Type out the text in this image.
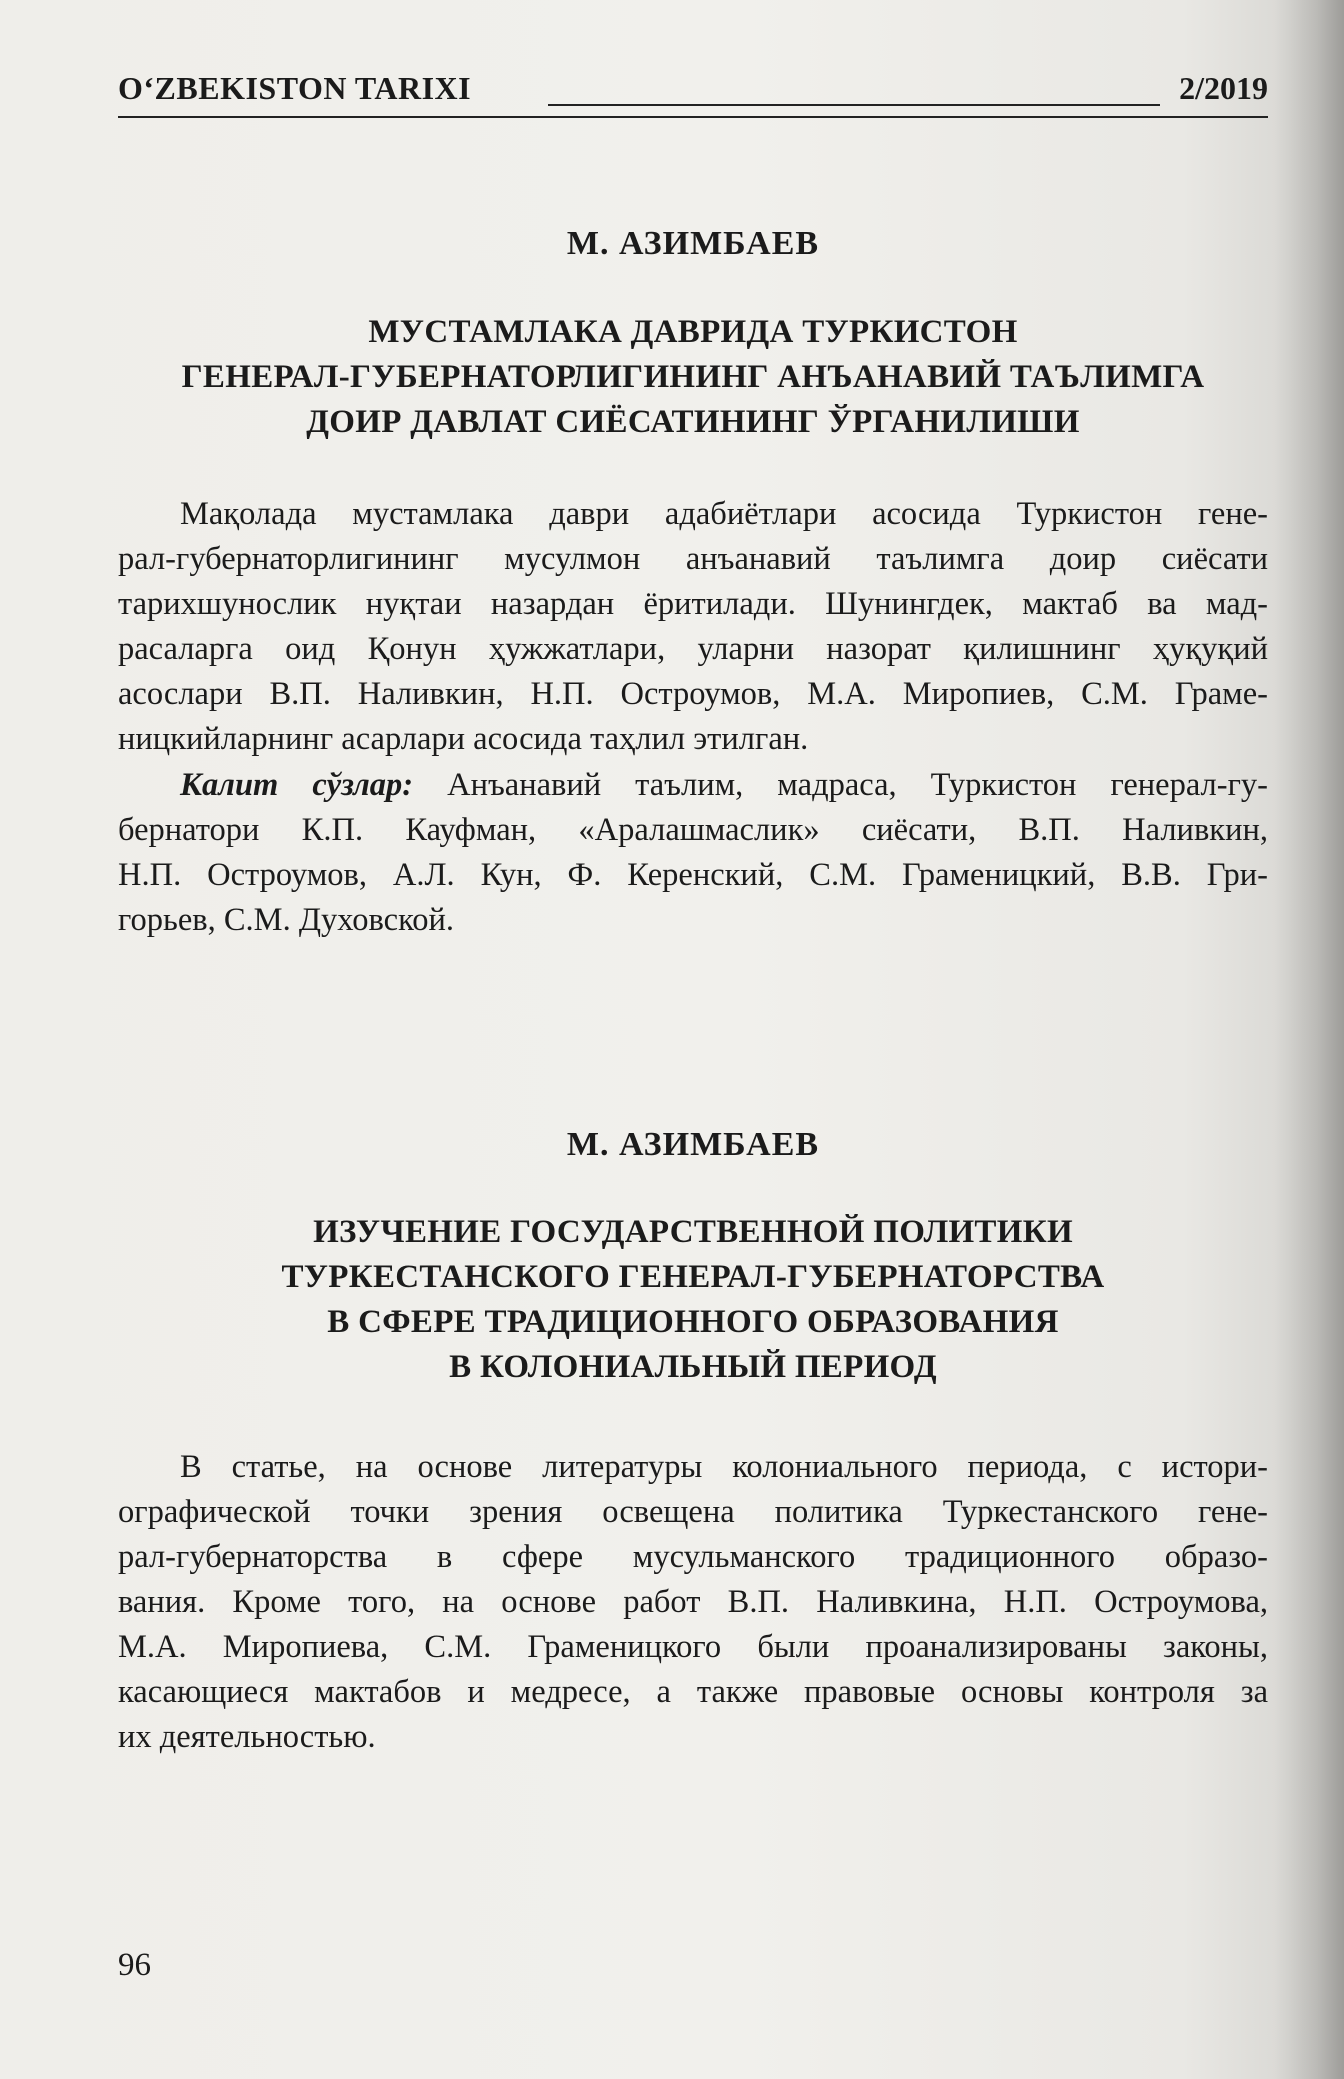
O‘ZBEKISTON TARIXI	2/2019
М. АЗИМБАЕВ
МУСТАМЛАКА ДАВРИДА ТУРКИСТОН
ГЕНЕРАЛ-ГУБЕРНАТОРЛИГИНИНГ АНЪАНАВИЙ ТАЪЛИМГА
ДОИР ДАВЛАТ СИЁСАТИНИНГ ЎРГАНИЛИШИ
Мақолада мустамлака даври адабиётлари асосида Туркистон гене-
рал-губернаторлигининг мусулмон анъанавий таълимга доир сиёсати
тарихшунослик нуқтаи назардан ёритилади. Шунингдек, мактаб ва мад-
расаларга оид Қонун ҳужжатлари, уларни назорат қилишнинг ҳуқуқий
асослари В.П. Наливкин, Н.П. Остроумов, М.А. Миропиев, С.М. Граме-
ницкийларнинг асарлари асосида таҳлил этилган.
Калит сўзлар: Анъанавий таълим, мадраса, Туркистон генерал-гу-
бернатори К.П. Кауфман, «Аралашмаслик» сиёсати, В.П. Наливкин,
Н.П. Остроумов, А.Л. Кун, Ф. Керенский, С.М. Граменицкий, В.В. Гри-
горьев, С.М. Духовской.
М. АЗИМБАЕВ
ИЗУЧЕНИЕ ГОСУДАРСТВЕННОЙ ПОЛИТИКИ
ТУРКЕСТАНСКОГО ГЕНЕРАЛ-ГУБЕРНАТОРСТВА
В СФЕРЕ ТРАДИЦИОННОГО ОБРАЗОВАНИЯ
В КОЛОНИАЛЬНЫЙ ПЕРИОД
В статье, на основе литературы колониального периода, с истори-
ографической точки зрения освещена политика Туркестанского гене-
рал-губернаторства в сфере мусульманского традиционного образо-
вания. Кроме того, на основе работ В.П. Наливкина, Н.П. Остроумова,
М.А. Миропиева, С.М. Граменицкого были проанализированы законы,
касающиеся мактабов и медресе, а также правовые основы контроля за
их деятельностью.
96
